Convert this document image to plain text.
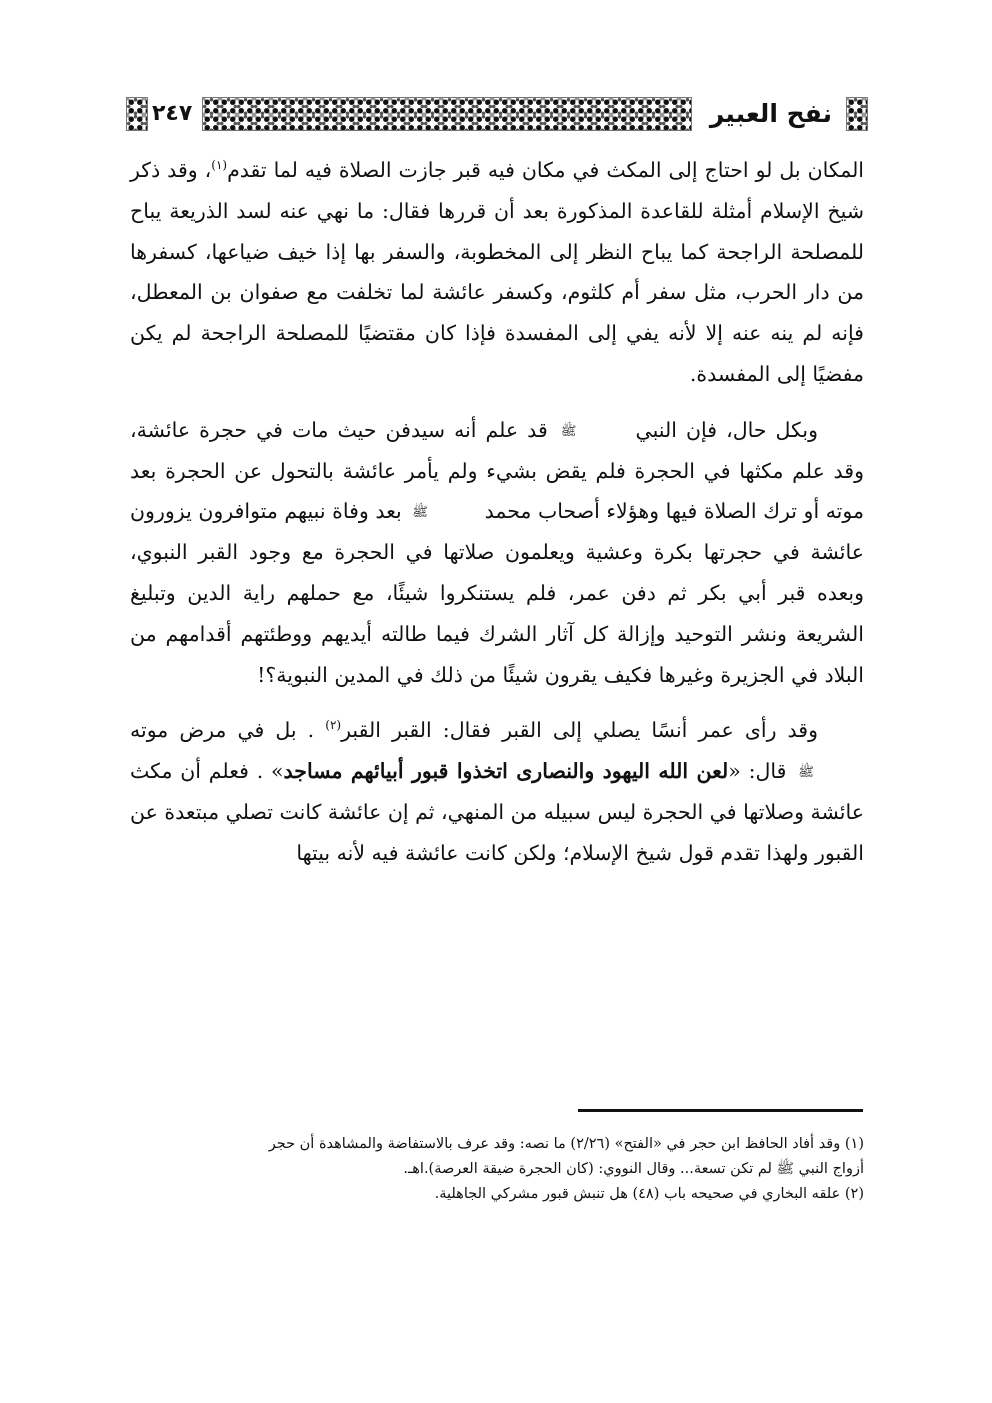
نفح العبير
٢٤٧

المكان بل لو احتاج إلى المكث في مكان فيه قبر جازت الصلاة فيه لما تقدم$^{(١)}$، وقد ذكر شيخ الإسلام أمثلة للقاعدة المذكورة بعد أن قررها فقال: ما نهي عنه لسد الذريعة يباح للمصلحة الراجحة كما يباح النظر إلى المخطوبة، والسفر بها إذا خيف ضياعها، كسفرها من دار الحرب، مثل سفر أم كلثوم، وكسفر عائشة لما تخلفت مع صفوان بن المعطل، فإنه لم ينه عنه إلا لأنه يفي إلى المفسدة فإذا كان مقتضيًا للمصلحة الراجحة لم يكن مفضيًا إلى المفسدة.

وبكل حال، فإن النبي ﷺ قد علم أنه سيدفن حيث مات في حجرة عائشة، وقد علم مكثها في الحجرة فلم يقض بشيء ولم يأمر عائشة بالتحول عن الحجرة بعد موته أو ترك الصلاة فيها وهؤلاء أصحاب محمد ﷺ بعد وفاة نبيهم متوافرون يزورون عائشة في حجرتها بكرة وعشية ويعلمون صلاتها في الحجرة مع وجود القبر النبوي، وبعده قبر أبي بكر ثم دفن عمر، فلم يستنكروا شيئًا، مع حملهم راية الدين وتبليغ الشريعة ونشر التوحيد وإزالة كل آثار الشرك فيما طالته أيديهم ووطئتهم أقدامهم من البلاد في الجزيرة وغيرها فكيف يقرون شيئًا من ذلك في المدين النبوية؟!

وقد رأى عمر أنسًا يصلي إلى القبر فقال: القبر القبر$^{(٢)}$ . بل في مرض موته ﷺ قال: «لعن الله اليهود والنصارى اتخذوا قبور أبيائهم مساجد» . فعلم أن مكث عائشة وصلاتها في الحجرة ليس سبيله من المنهي، ثم إن عائشة كانت تصلي مبتعدة عن القبور ولهذا تقدم قول شيخ الإسلام؛ ولكن كانت عائشة فيه لأنه بيتها

(١) وقد أفاد الحافظ ابن حجر في «الفتح» (٢/٢٦) ما نصه: وقد عرف بالاستفاضة والمشاهدة أن حجر
أزواج النبي ﷺ لم تكن تسعة... وقال النووي: (كان الحجرة ضيقة العرصة).اهـ.

(٢) علقه البخاري في صحيحه باب (٤٨) هل تنبش قبور مشركي الجاهلية.
